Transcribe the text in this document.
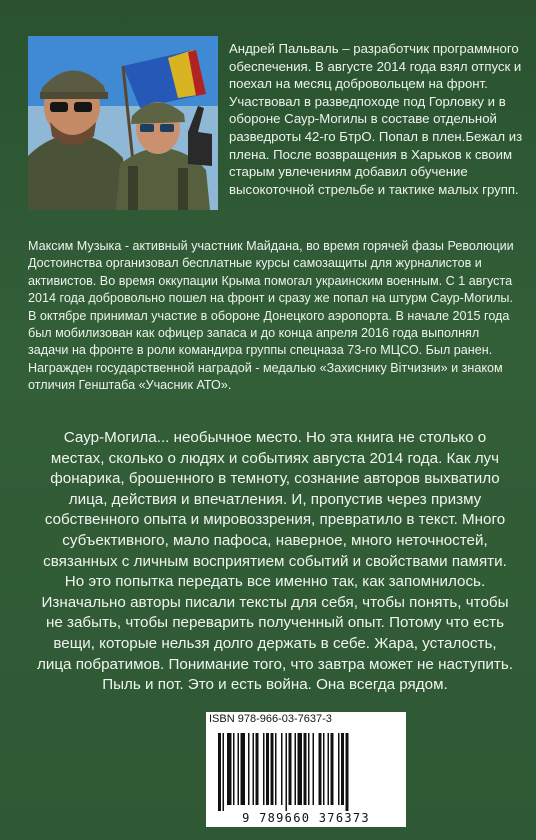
Андрей Пальваль – разработчик программного обеспечения. В августе 2014 года взял отпуск и поехал на месяц добровольцем на фронт. Участвовал в разведпоходе под Горловку и в обороне Саур-Могилы в составе отдельной разведроты 42-го БтрО. Попал в плен.Бежал из плена. После возвращения в Харьков к своим старым увлечениям добавил обучение высокоточной стрельбе и тактике малых групп.

Максим Музыка - активный участник Майдана, во время горячей фазы Революции Достоинства организовал бесплатные курсы самозащиты для журналистов и активистов. Во время оккупации Крыма помогал украинским военным. С 1 августа 2014 года добровольно пошел на фронт и сразу же попал на штурм Саур-Могилы. В октябре принимал участие в обороне Донецкого аэропорта. В начале 2015 года был мобилизован как офицер запаса и до конца апреля 2016 года выполнял задачи на фронте в роли командира группы спецназа 73-го МЦСО. Был ранен. Награжден государственной наградой - медалью «Захиснику Вітчизни» и знаком отличия Генштаба «Учасник АТО».

Саур-Могила... необычное место. Но эта книга не столько о местах, сколько о людях и событиях августа 2014 года. Как луч фонарика, брошенного в темноту, сознание авторов выхватило лица, действия и впечатления. И, пропустив через призму собственного опыта и мировоззрения, превратило в текст. Много субъективного, мало пафоса, наверное, много неточностей, связанных с личным восприятием событий и свойствами памяти. Но это попытка передать все именно так, как запомнилось. Изначально авторы писали тексты для себя, чтобы понять, чтобы не забыть, чтобы переварить полученный опыт. Потому что есть вещи, которые нельзя долго держать в себе. Жара, усталость, лица побратимов. Понимание того, что завтра может не наступить. Пыль и пот. Это и есть война. Она всегда рядом.

ISBN 978-966-03-7637-3
9 789660 376373
